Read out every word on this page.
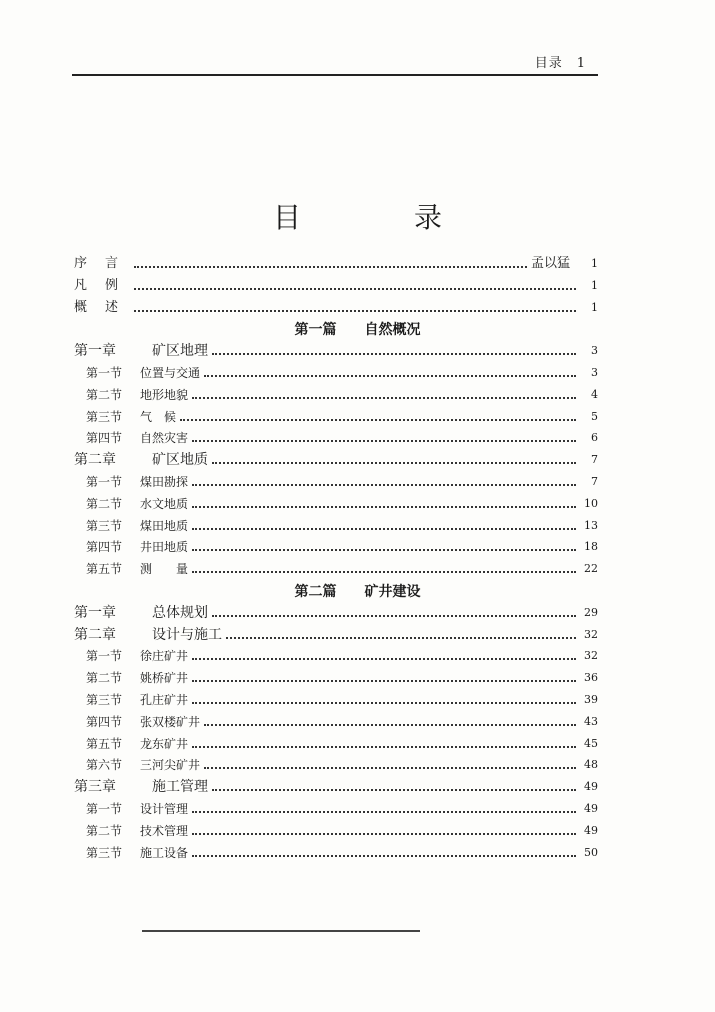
目录 1
目 录
序言	孟以猛	1
凡例	1
概述	1
第一篇 自然概况
第一章	矿区地理	3
第一节	位置与交通	3
第二节	地形地貌	4
第三节	气　候	5
第四节	自然灾害	6
第二章	矿区地质	7
第一节	煤田勘探	7
第二节	水文地质	10
第三节	煤田地质	13
第四节	井田地质	18
第五节	测　　量	22
第二篇 矿井建设
第一章	总体规划	29
第二章	设计与施工	32
第一节	徐庄矿井	32
第二节	姚桥矿井	36
第三节	孔庄矿井	39
第四节	张双楼矿井	43
第五节	龙东矿井	45
第六节	三河尖矿井	48
第三章	施工管理	49
第一节	设计管理	49
第二节	技术管理	49
第三节	施工设备	50
